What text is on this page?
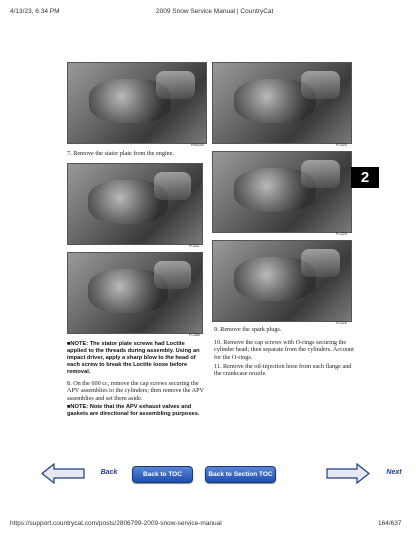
4/13/23, 6:34 PM	2009 Snow Service Manual | CountryCat
RS0204
7. Remove the stator plate from the engine.
FC021
FC065
■NOTE: The stator plate screws had Loctite applied to the threads during assembly. Using an impact driver, apply a sharp blow to the head of each screw to break the Loctite loose before removal.
8. On the 600 cc, remove the cap screws securing the APV assemblies to the cylinders; then remove the APV assemblies and set them aside.
■NOTE: Note that the APV exhaust valves and gaskets are directional for assembling purposes.
FC020
FC024
FC025
2
9. Remove the spark plugs.
10. Remove the cap screws with O-rings securing the cylinder head; then separate from the cylinders. Account for the O-rings.
11. Remove the oil-injection hose from each flange and the crankcase nozzle.
Back	Back to TOC	Back to Section TOC	Next
https://support.countrycat.com/posts/2806799-2009-snow-service-manual	164/637
